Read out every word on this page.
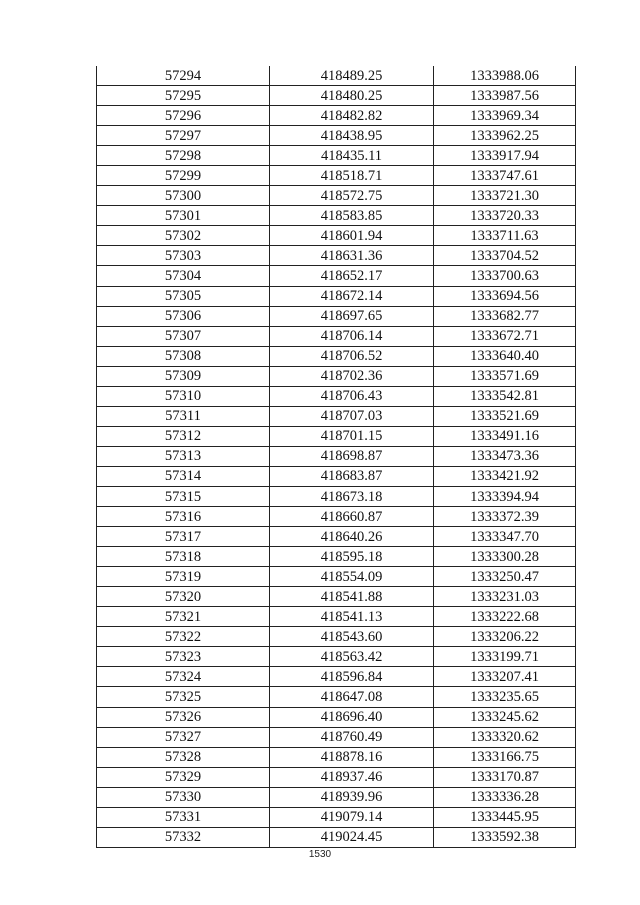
57294	418489.25	1333988.06
57295	418480.25	1333987.56
57296	418482.82	1333969.34
57297	418438.95	1333962.25
57298	418435.11	1333917.94
57299	418518.71	1333747.61
57300	418572.75	1333721.30
57301	418583.85	1333720.33
57302	418601.94	1333711.63
57303	418631.36	1333704.52
57304	418652.17	1333700.63
57305	418672.14	1333694.56
57306	418697.65	1333682.77
57307	418706.14	1333672.71
57308	418706.52	1333640.40
57309	418702.36	1333571.69
57310	418706.43	1333542.81
57311	418707.03	1333521.69
57312	418701.15	1333491.16
57313	418698.87	1333473.36
57314	418683.87	1333421.92
57315	418673.18	1333394.94
57316	418660.87	1333372.39
57317	418640.26	1333347.70
57318	418595.18	1333300.28
57319	418554.09	1333250.47
57320	418541.88	1333231.03
57321	418541.13	1333222.68
57322	418543.60	1333206.22
57323	418563.42	1333199.71
57324	418596.84	1333207.41
57325	418647.08	1333235.65
57326	418696.40	1333245.62
57327	418760.49	1333320.62
57328	418878.16	1333166.75
57329	418937.46	1333170.87
57330	418939.96	1333336.28
57331	419079.14	1333445.95
57332	419024.45	1333592.38
1530
